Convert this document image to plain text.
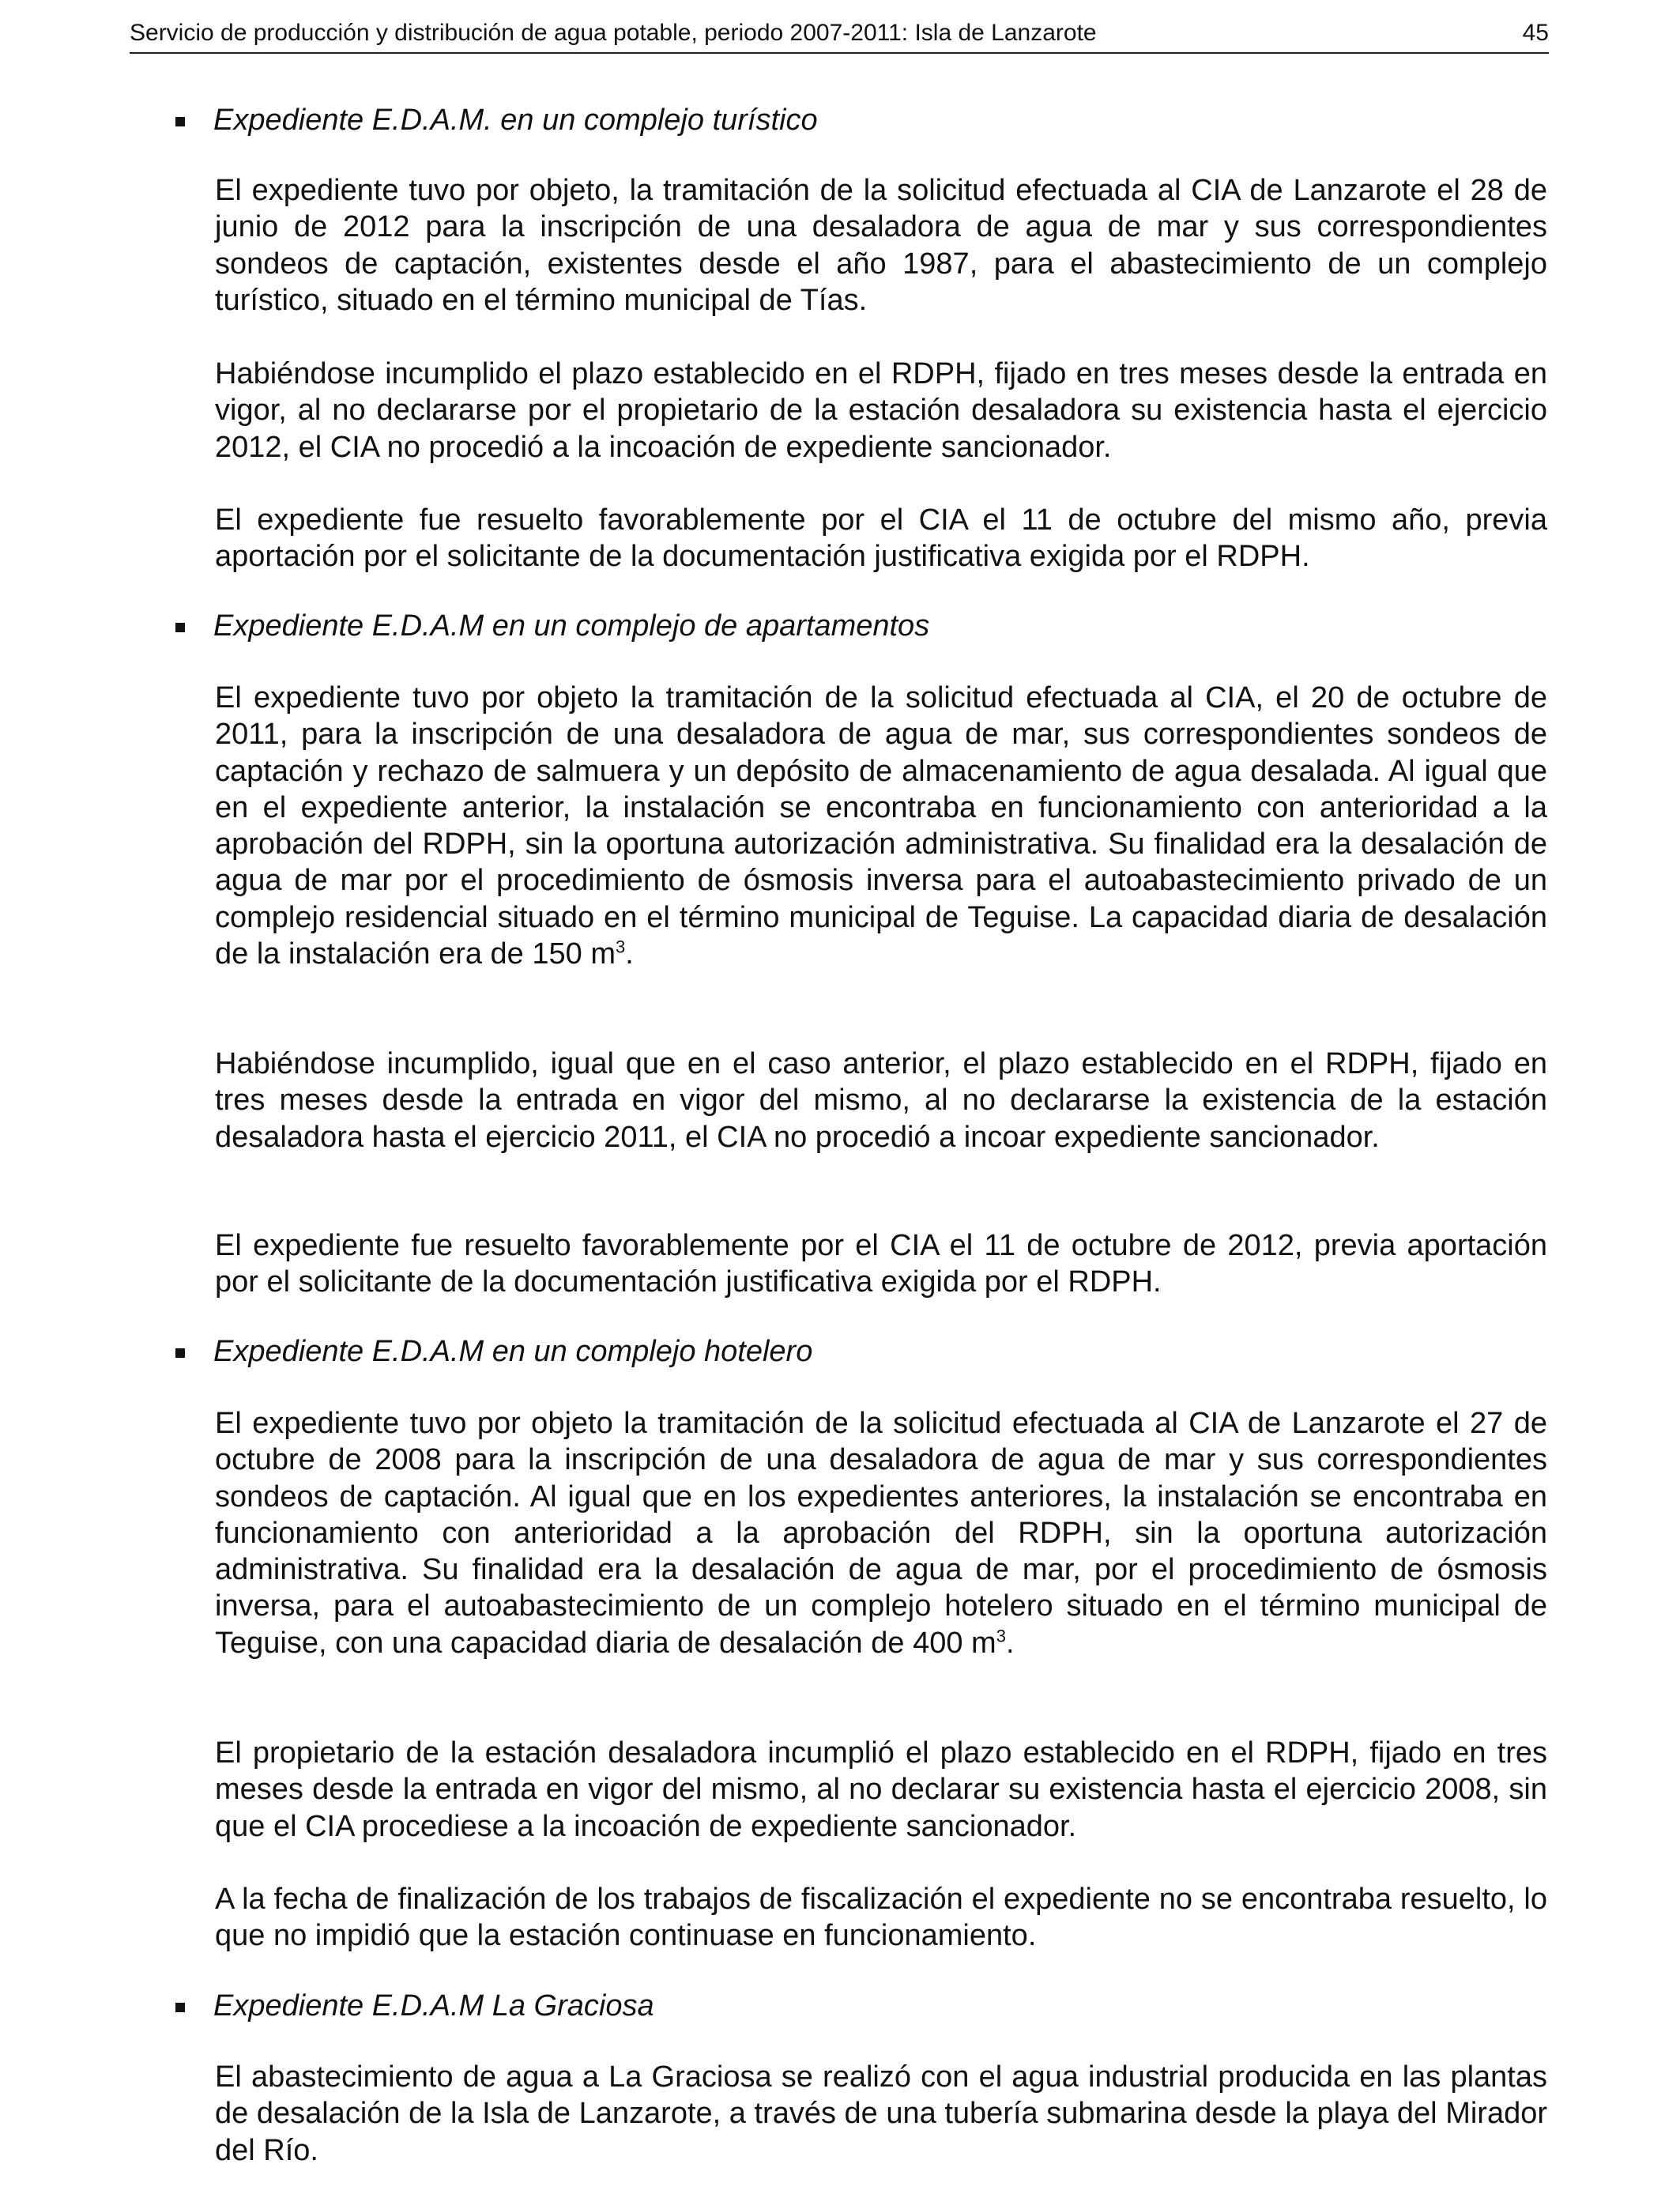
Servicio de producción y distribución de agua potable, periodo 2007-2011: Isla de Lanzarote	45
Expediente E.D.A.M. en un complejo turístico

El expediente tuvo por objeto, la tramitación de la solicitud efectuada al CIA de Lanzarote el 28 de junio de 2012 para la inscripción de una desaladora de agua de mar y sus correspondientes sondeos de captación, existentes desde el año 1987, para el abastecimiento de un complejo turístico, situado en el término municipal de Tías.

Habiéndose incumplido el plazo establecido en el RDPH, fijado en tres meses desde la entrada en vigor, al no declararse por el propietario de la estación desaladora su existencia hasta el ejercicio 2012, el CIA no procedió a la incoación de expediente sancionador.

El expediente fue resuelto favorablemente por el CIA el 11 de octubre del mismo año, previa aportación por el solicitante de la documentación justificativa exigida por el RDPH.

Expediente E.D.A.M en un complejo de apartamentos

El expediente tuvo por objeto la tramitación de la solicitud efectuada al CIA, el 20 de octubre de 2011, para la inscripción de una desaladora de agua de mar, sus correspondientes sondeos de captación y rechazo de salmuera y un depósito de almacenamiento de agua desalada. Al igual que en el expediente anterior, la instalación se encontraba en funcionamiento con anterioridad a la aprobación del RDPH, sin la oportuna autorización administrativa. Su finalidad era la desalación de agua de mar por el procedimiento de ósmosis inversa para el autoabastecimiento privado de un complejo residencial situado en el término municipal de Teguise. La capacidad diaria de desalación de la instalación era de 150 $m^3$.

Habiéndose incumplido, igual que en el caso anterior, el plazo establecido en el RDPH, fijado en tres meses desde la entrada en vigor del mismo, al no declararse la existencia de la estación desaladora hasta el ejercicio 2011, el CIA no procedió a incoar expediente sancionador.

El expediente fue resuelto favorablemente por el CIA el 11 de octubre de 2012, previa aportación por el solicitante de la documentación justificativa exigida por el RDPH.

Expediente E.D.A.M en un complejo hotelero

El expediente tuvo por objeto la tramitación de la solicitud efectuada al CIA de Lanzarote el 27 de octubre de 2008 para la inscripción de una desaladora de agua de mar y sus correspondientes sondeos de captación. Al igual que en los expedientes anteriores, la instalación se encontraba en funcionamiento con anterioridad a la aprobación del RDPH, sin la oportuna autorización administrativa. Su finalidad era la desalación de agua de mar, por el procedimiento de ósmosis inversa, para el autoabastecimiento de un complejo hotelero situado en el término municipal de Teguise, con una capacidad diaria de desalación de 400 $m^3$.

El propietario de la estación desaladora incumplió el plazo establecido en el RDPH, fijado en tres meses desde la entrada en vigor del mismo, al no declarar su existencia hasta el ejercicio 2008, sin que el CIA procediese a la incoación de expediente sancionador.

A la fecha de finalización de los trabajos de fiscalización el expediente no se encontraba resuelto, lo que no impidió que la estación continuase en funcionamiento.

Expediente E.D.A.M La Graciosa

El abastecimiento de agua a La Graciosa se realizó con el agua industrial producida en las plantas de desalación de la Isla de Lanzarote, a través de una tubería submarina desde la playa del Mirador del Río.
